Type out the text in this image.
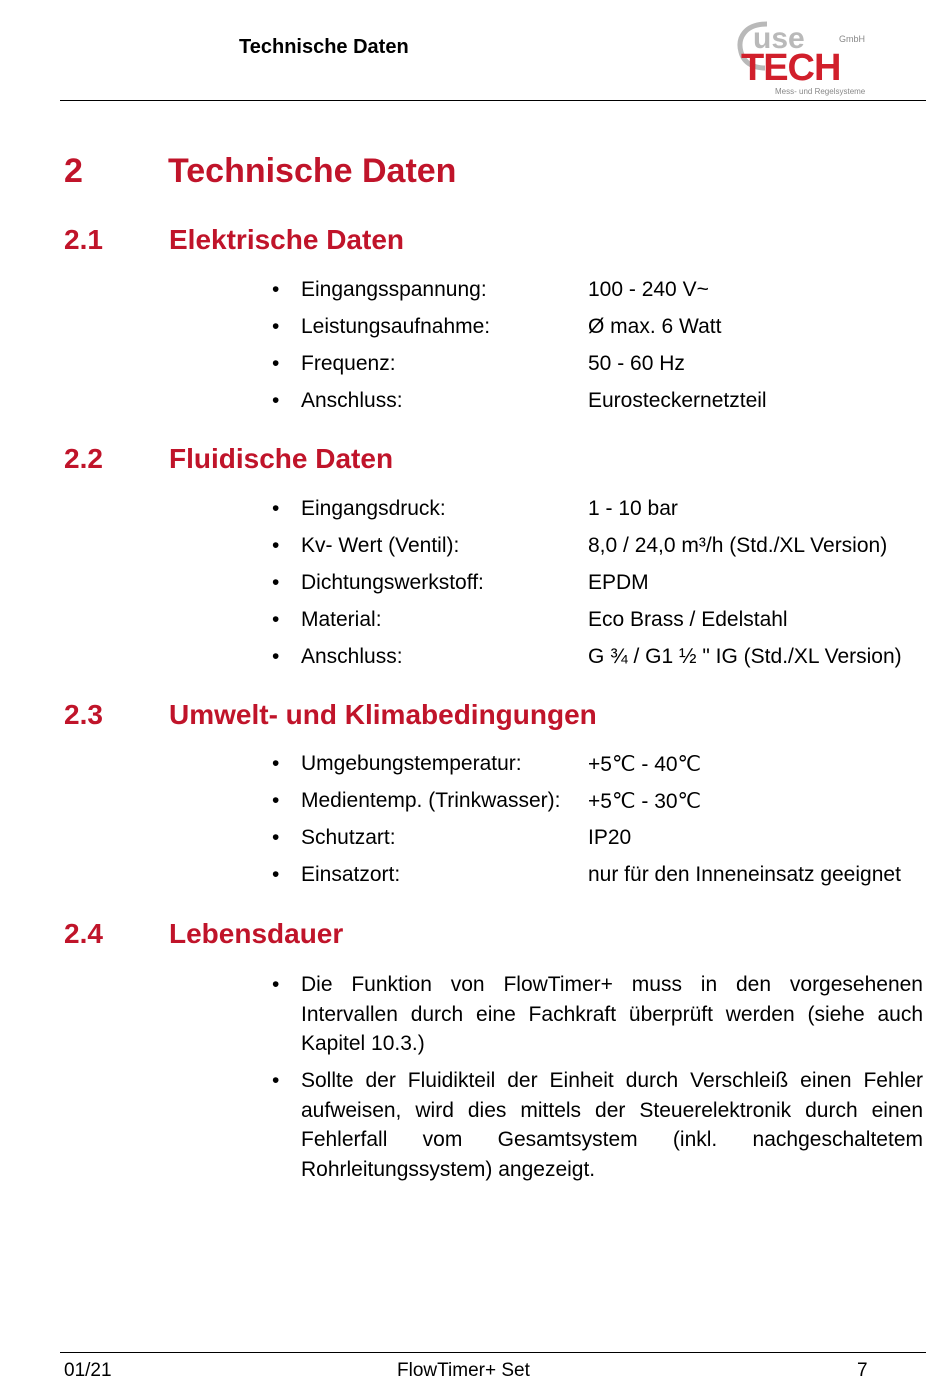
Technische Daten	use	GmbH
TECH
Mess- und Regelsysteme
2	Technische Daten
2.1 Elektrische Daten
• Eingangsspannung:	100 - 240 V~
• Leistungsaufnahme:	Ø max. 6 Watt
• Frequenz:	50 - 60 Hz
• Anschluss:	Eurosteckernetzteil
2.2 Fluidische Daten
• Eingangsdruck:	1 - 10 bar
• Kv- Wert (Ventil):	8,0 / 24,0 m³/h (Std./XL Version)
• Dichtungswerkstoff:	EPDM
• Material:	Eco Brass / Edelstahl
• Anschluss:	G ¾ / G1 ½ " IG (Std./XL Version)
2.3 Umwelt- und Klimabedingungen
• Umgebungstemperatur:	+5℃ - 40℃
• Medientemp. (Trinkwasser): +5℃ - 30℃
• Schutzart:	IP20
• Einsatzort:	nur für den Inneneinsatz geeignet
2.4 Lebensdauer
• Die Funktion von FlowTimer+ muss in den vorgesehenen Intervallen durch eine Fachkraft überprüft werden (siehe auch Kapitel 10.3.)
• Sollte der Fluidikteil der Einheit durch Verschleiß einen Fehler aufweisen, wird dies mittels der Steuerelektronik durch einen Fehlerfall vom Gesamtsystem (inkl. nachgeschaltetem Rohrleitungssystem) angezeigt.
01/21	FlowTimer+ Set	7
